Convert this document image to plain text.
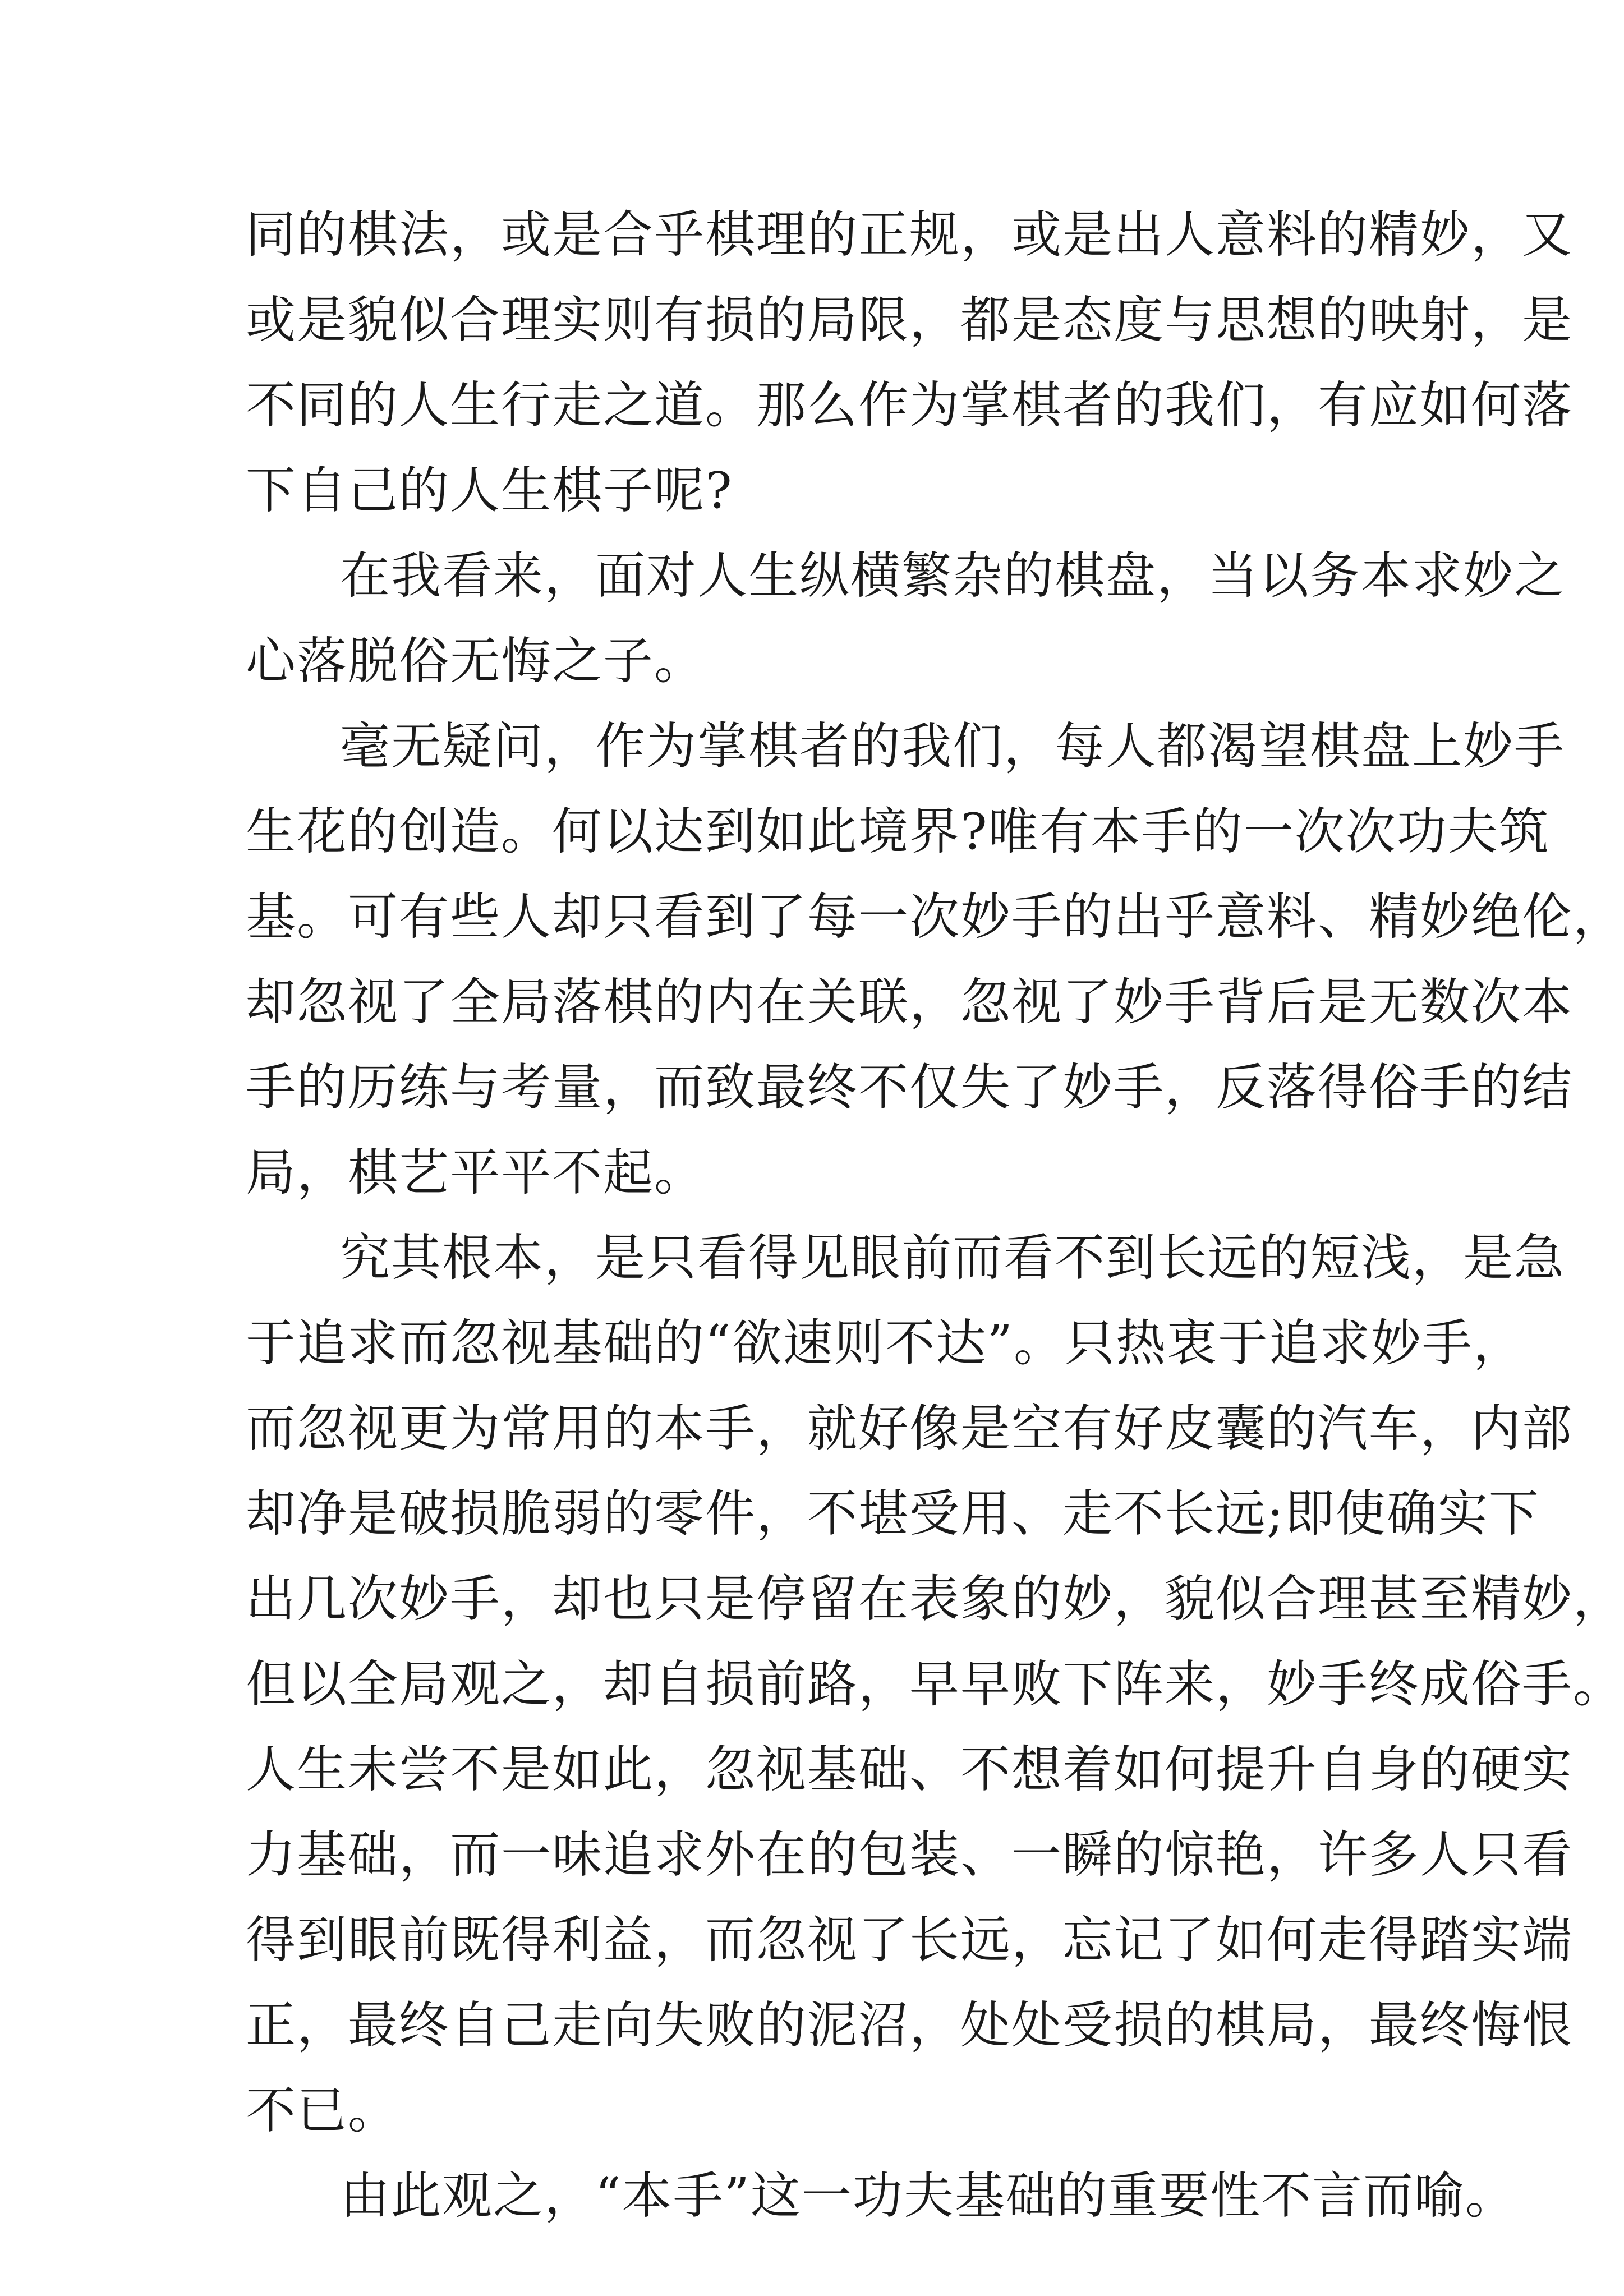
同的棋法，或是合乎棋理的正规，或是出人意料的精妙，又
或是貌似合理实则有损的局限，都是态度与思想的映射，是
不同的人生行走之道。那么作为掌棋者的我们，有应如何落
下自己的人生棋子呢?
在我看来，面对人生纵横繁杂的棋盘，当以务本求妙之
心落脱俗无悔之子。
毫无疑问，作为掌棋者的我们，每人都渴望棋盘上妙手
生花的创造。何以达到如此境界?唯有本手的一次次功夫筑
基。可有些人却只看到了每一次妙手的出乎意料、精妙绝伦，
却忽视了全局落棋的内在关联，忽视了妙手背后是无数次本
手的历练与考量，而致最终不仅失了妙手，反落得俗手的结
局，棋艺平平不起。
究其根本，是只看得见眼前而看不到长远的短浅，是急
于追求而忽视基础的“欲速则不达”。只热衷于追求妙手，
而忽视更为常用的本手，就好像是空有好皮囊的汽车，内部
却净是破损脆弱的零件，不堪受用、走不长远;即使确实下
出几次妙手，却也只是停留在表象的妙，貌似合理甚至精妙，
但以全局观之，却自损前路，早早败下阵来，妙手终成俗手。
人生未尝不是如此，忽视基础、不想着如何提升自身的硬实
力基础，而一味追求外在的包装、一瞬的惊艳，许多人只看
得到眼前既得利益，而忽视了长远，忘记了如何走得踏实端
正，最终自己走向失败的泥沼，处处受损的棋局，最终悔恨
不已。
由此观之，“本手”这一功夫基础的重要性不言而喻。
